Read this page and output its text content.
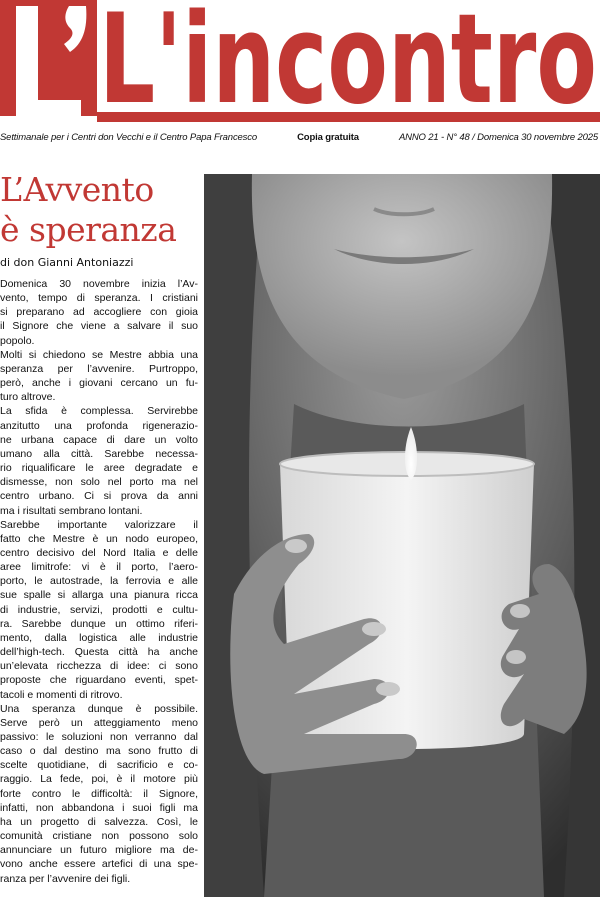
L'incontro
Settimanale per i Centri don Vecchi e il Centro Papa Francesco	Copia gratuita	ANNO 21 - N° 48 / Domenica 30 novembre 2025
L’Avvento
è speranza
di don Gianni Antoniazzi
Domenica 30 novembre inizia l’Av-
vento, tempo di speranza. I cristiani
si preparano ad accogliere con gioia
il Signore che viene a salvare il suo
popolo.
Molti si chiedono se Mestre abbia una
speranza per l’avvenire. Purtroppo,
però, anche i giovani cercano un fu-
turo altrove.
La sfida è complessa. Servirebbe
anzitutto una profonda rigenerazio-
ne urbana capace di dare un volto
umano alla città. Sarebbe necessa-
rio riqualificare le aree degradate e
dismesse, non solo nel porto ma nel
centro urbano. Ci si prova da anni
ma i risultati sembrano lontani.
Sarebbe importante valorizzare il
fatto che Mestre è un nodo europeo,
centro decisivo del Nord Italia e delle
aree limitrofe: vi è il porto, l’aero-
porto, le autostrade, la ferrovia e alle
sue spalle si allarga una pianura ricca
di industrie, servizi, prodotti e cultu-
ra. Sarebbe dunque un ottimo riferi-
mento, dalla logistica alle industrie
dell’high-tech. Questa città ha anche
un’elevata ricchezza di idee: ci sono
proposte che riguardano eventi, spet-
tacoli e momenti di ritrovo.
Una speranza dunque è possibile.
Serve però un atteggiamento meno
passivo: le soluzioni non verranno dal
caso o dal destino ma sono frutto di
scelte quotidiane, di sacrificio e co-
raggio. La fede, poi, è il motore più
forte contro le difficoltà: il Signore,
infatti, non abbandona i suoi figli ma
ha un progetto di salvezza. Così, le
comunità cristiane non possono solo
annunciare un futuro migliore ma de-
vono anche essere artefici di una spe-
ranza per l’avvenire dei figli.
